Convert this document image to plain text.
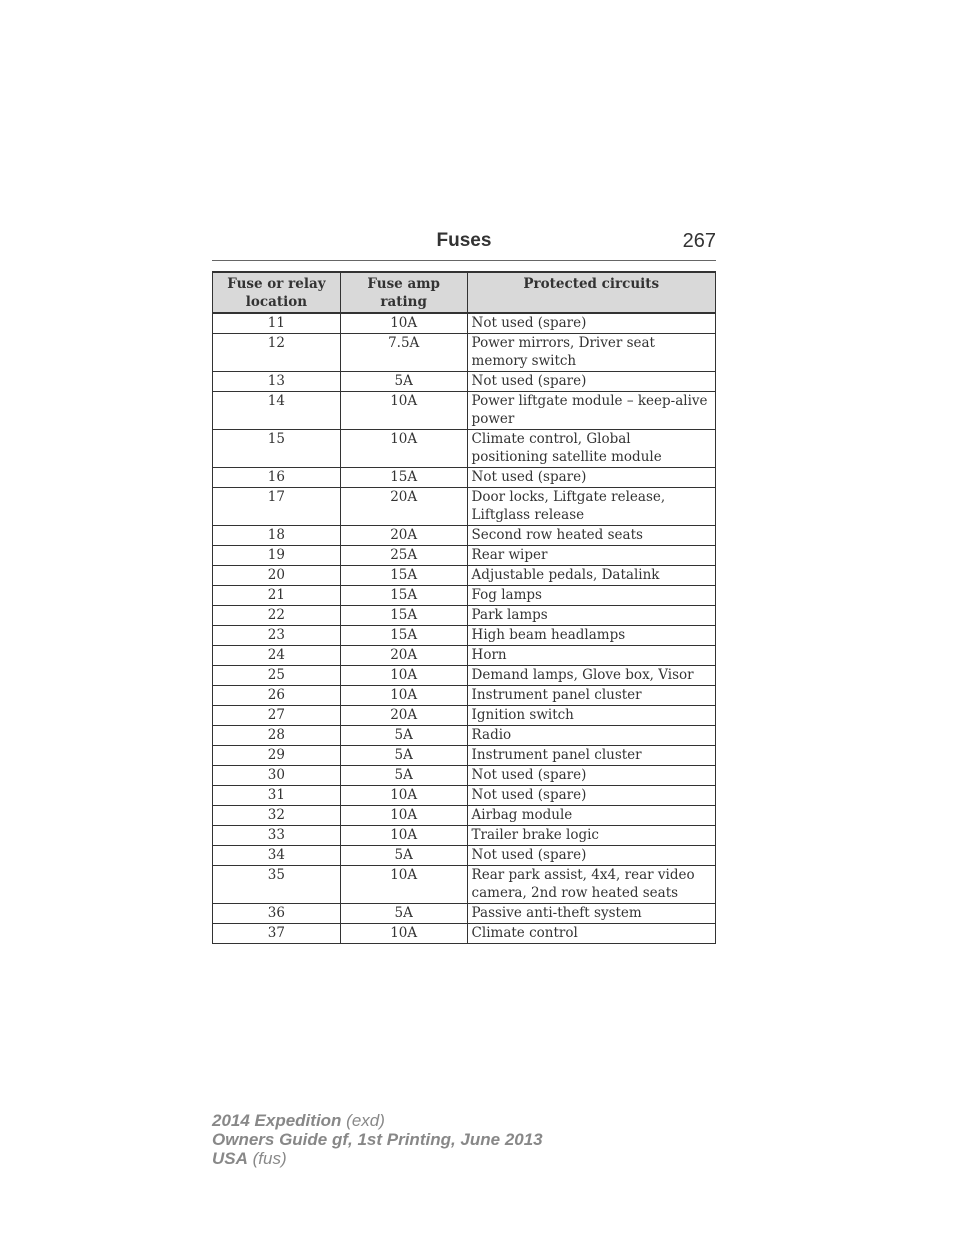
Fuses	267
Fuse or relay location	Fuse amp rating	Protected circuits
11	10A	Not used (spare)
12	7.5A	Power mirrors, Driver seat memory switch
13	5A	Not used (spare)
14	10A	Power liftgate module – keep-alive power
15	10A	Climate control, Global positioning satellite module
16	15A	Not used (spare)
17	20A	Door locks, Liftgate release, Liftglass release
18	20A	Second row heated seats
19	25A	Rear wiper
20	15A	Adjustable pedals, Datalink
21	15A	Fog lamps
22	15A	Park lamps
23	15A	High beam headlamps
24	20A	Horn
25	10A	Demand lamps, Glove box, Visor
26	10A	Instrument panel cluster
27	20A	Ignition switch
28	5A	Radio
29	5A	Instrument panel cluster
30	5A	Not used (spare)
31	10A	Not used (spare)
32	10A	Airbag module
33	10A	Trailer brake logic
34	5A	Not used (spare)
35	10A	Rear park assist, 4x4, rear video camera, 2nd row heated seats
36	5A	Passive anti-theft system
37	10A	Climate control
2014 Expedition (exd)
Owners Guide gf, 1st Printing, June 2013
USA (fus)
